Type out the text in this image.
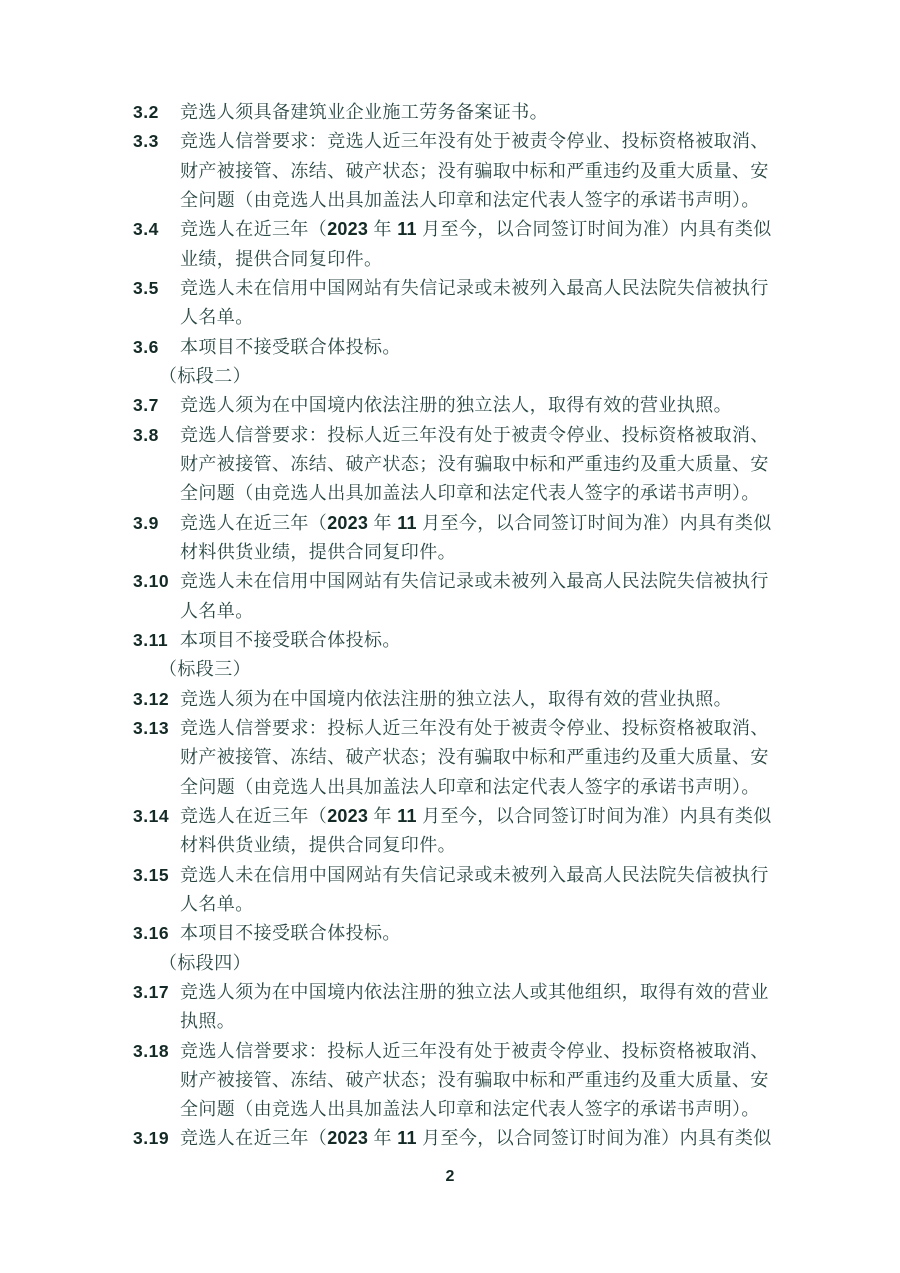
3.2 竞选人须具备建筑业企业施工劳务备案证书。
3.3 竞选人信誉要求：竞选人近三年没有处于被责令停业、投标资格被取消、
财产被接管、冻结、破产状态；没有骗取中标和严重违约及重大质量、安
全问题（由竞选人出具加盖法人印章和法定代表人签字的承诺书声明）。
3.4 竞选人在近三年（2023 年 11 月至今，以合同签订时间为准）内具有类似
业绩，提供合同复印件。
3.5 竞选人未在信用中国网站有失信记录或未被列入最高人民法院失信被执行
人名单。
3.6 本项目不接受联合体投标。
（标段二）
3.7 竞选人须为在中国境内依法注册的独立法人，取得有效的营业执照。
3.8 竞选人信誉要求：投标人近三年没有处于被责令停业、投标资格被取消、
财产被接管、冻结、破产状态；没有骗取中标和严重违约及重大质量、安
全问题（由竞选人出具加盖法人印章和法定代表人签字的承诺书声明）。
3.9 竞选人在近三年（2023 年 11 月至今，以合同签订时间为准）内具有类似
材料供货业绩，提供合同复印件。
3.10 竞选人未在信用中国网站有失信记录或未被列入最高人民法院失信被执行
人名单。
3.11 本项目不接受联合体投标。
（标段三）
3.12 竞选人须为在中国境内依法注册的独立法人，取得有效的营业执照。
3.13 竞选人信誉要求：投标人近三年没有处于被责令停业、投标资格被取消、
财产被接管、冻结、破产状态；没有骗取中标和严重违约及重大质量、安
全问题（由竞选人出具加盖法人印章和法定代表人签字的承诺书声明）。
3.14 竞选人在近三年（2023 年 11 月至今，以合同签订时间为准）内具有类似
材料供货业绩，提供合同复印件。
3.15 竞选人未在信用中国网站有失信记录或未被列入最高人民法院失信被执行
人名单。
3.16 本项目不接受联合体投标。
（标段四）
3.17 竞选人须为在中国境内依法注册的独立法人或其他组织，取得有效的营业
执照。
3.18 竞选人信誉要求：投标人近三年没有处于被责令停业、投标资格被取消、
财产被接管、冻结、破产状态；没有骗取中标和严重违约及重大质量、安
全问题（由竞选人出具加盖法人印章和法定代表人签字的承诺书声明）。
3.19 竞选人在近三年（2023 年 11 月至今，以合同签订时间为准）内具有类似
2
